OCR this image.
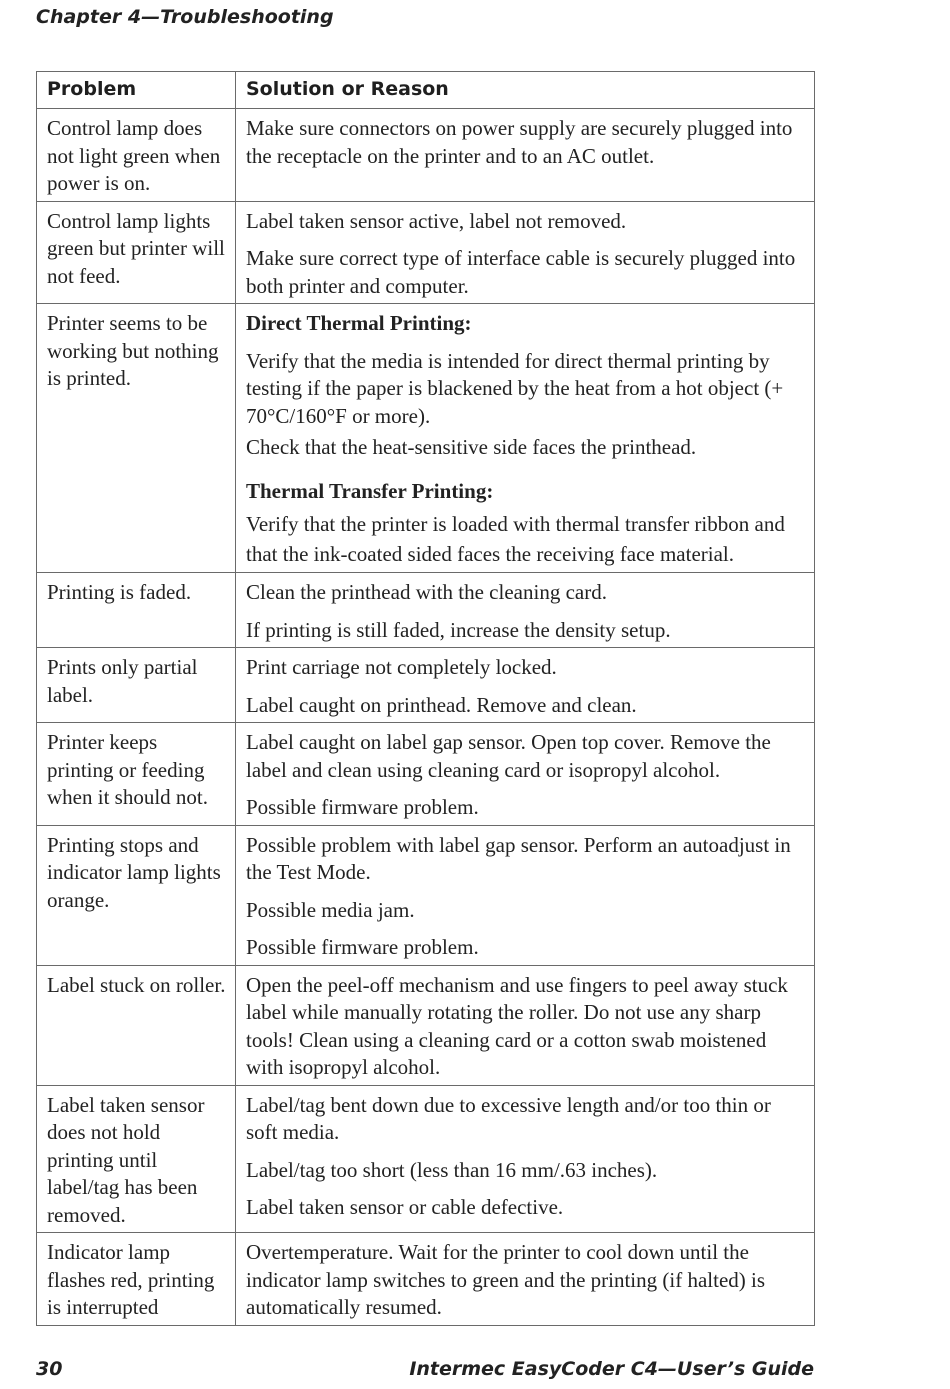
Chapter 4—Troubleshooting
Problem	Solution or Reason
Control lamp does not light green when power is on.	Make sure connectors on power supply are securely plugged into the receptacle on the printer and to an AC outlet.

Control lamp lights green but printer will not feed.	Label taken sensor active, label not removed.

Make sure correct type of interface cable is securely plugged into both printer and computer.

Printer seems to be working but nothing is printed.	Direct Thermal Printing:

Verify that the media is intended for direct thermal printing by testing if the paper is blackened by the heat from a hot object (+ 70°C/160°F or more).

Check that the heat-sensitive side faces the printhead.

Thermal Transfer Printing:

Verify that the printer is loaded with thermal transfer ribbon and that the ink-coated sided faces the receiving face material.

Printing is faded.	Clean the printhead with the cleaning card.

If printing is still faded, increase the density setup.

Prints only partial label.	Print carriage not completely locked.

Label caught on printhead. Remove and clean.

Printer keeps printing or feeding when it should not.	Label caught on label gap sensor. Open top cover. Remove the label and clean using cleaning card or isopropyl alcohol.

Possible firmware problem.

Printing stops and indicator lamp lights orange.	Possible problem with label gap sensor. Perform an autoadjust in the Test Mode.

Possible media jam.

Possible firmware problem.

Label stuck on roller.	Open the peel-off mechanism and use fingers to peel away stuck label while manually rotating the roller. Do not use any sharp tools! Clean using a cleaning card or a cotton swab moistened with isopropyl alcohol.

Label taken sensor does not hold printing until label/tag has been removed.	Label/tag bent down due to excessive length and/or too thin or soft media.

Label/tag too short (less than 16 mm/.63 inches).

Label taken sensor or cable defective.

Indicator lamp flashes red, printing is interrupted	Overtemperature. Wait for the printer to cool down until the indicator lamp switches to green and the printing (if halted) is automatically resumed.

30	Intermec EasyCoder C4—User’s Guide
